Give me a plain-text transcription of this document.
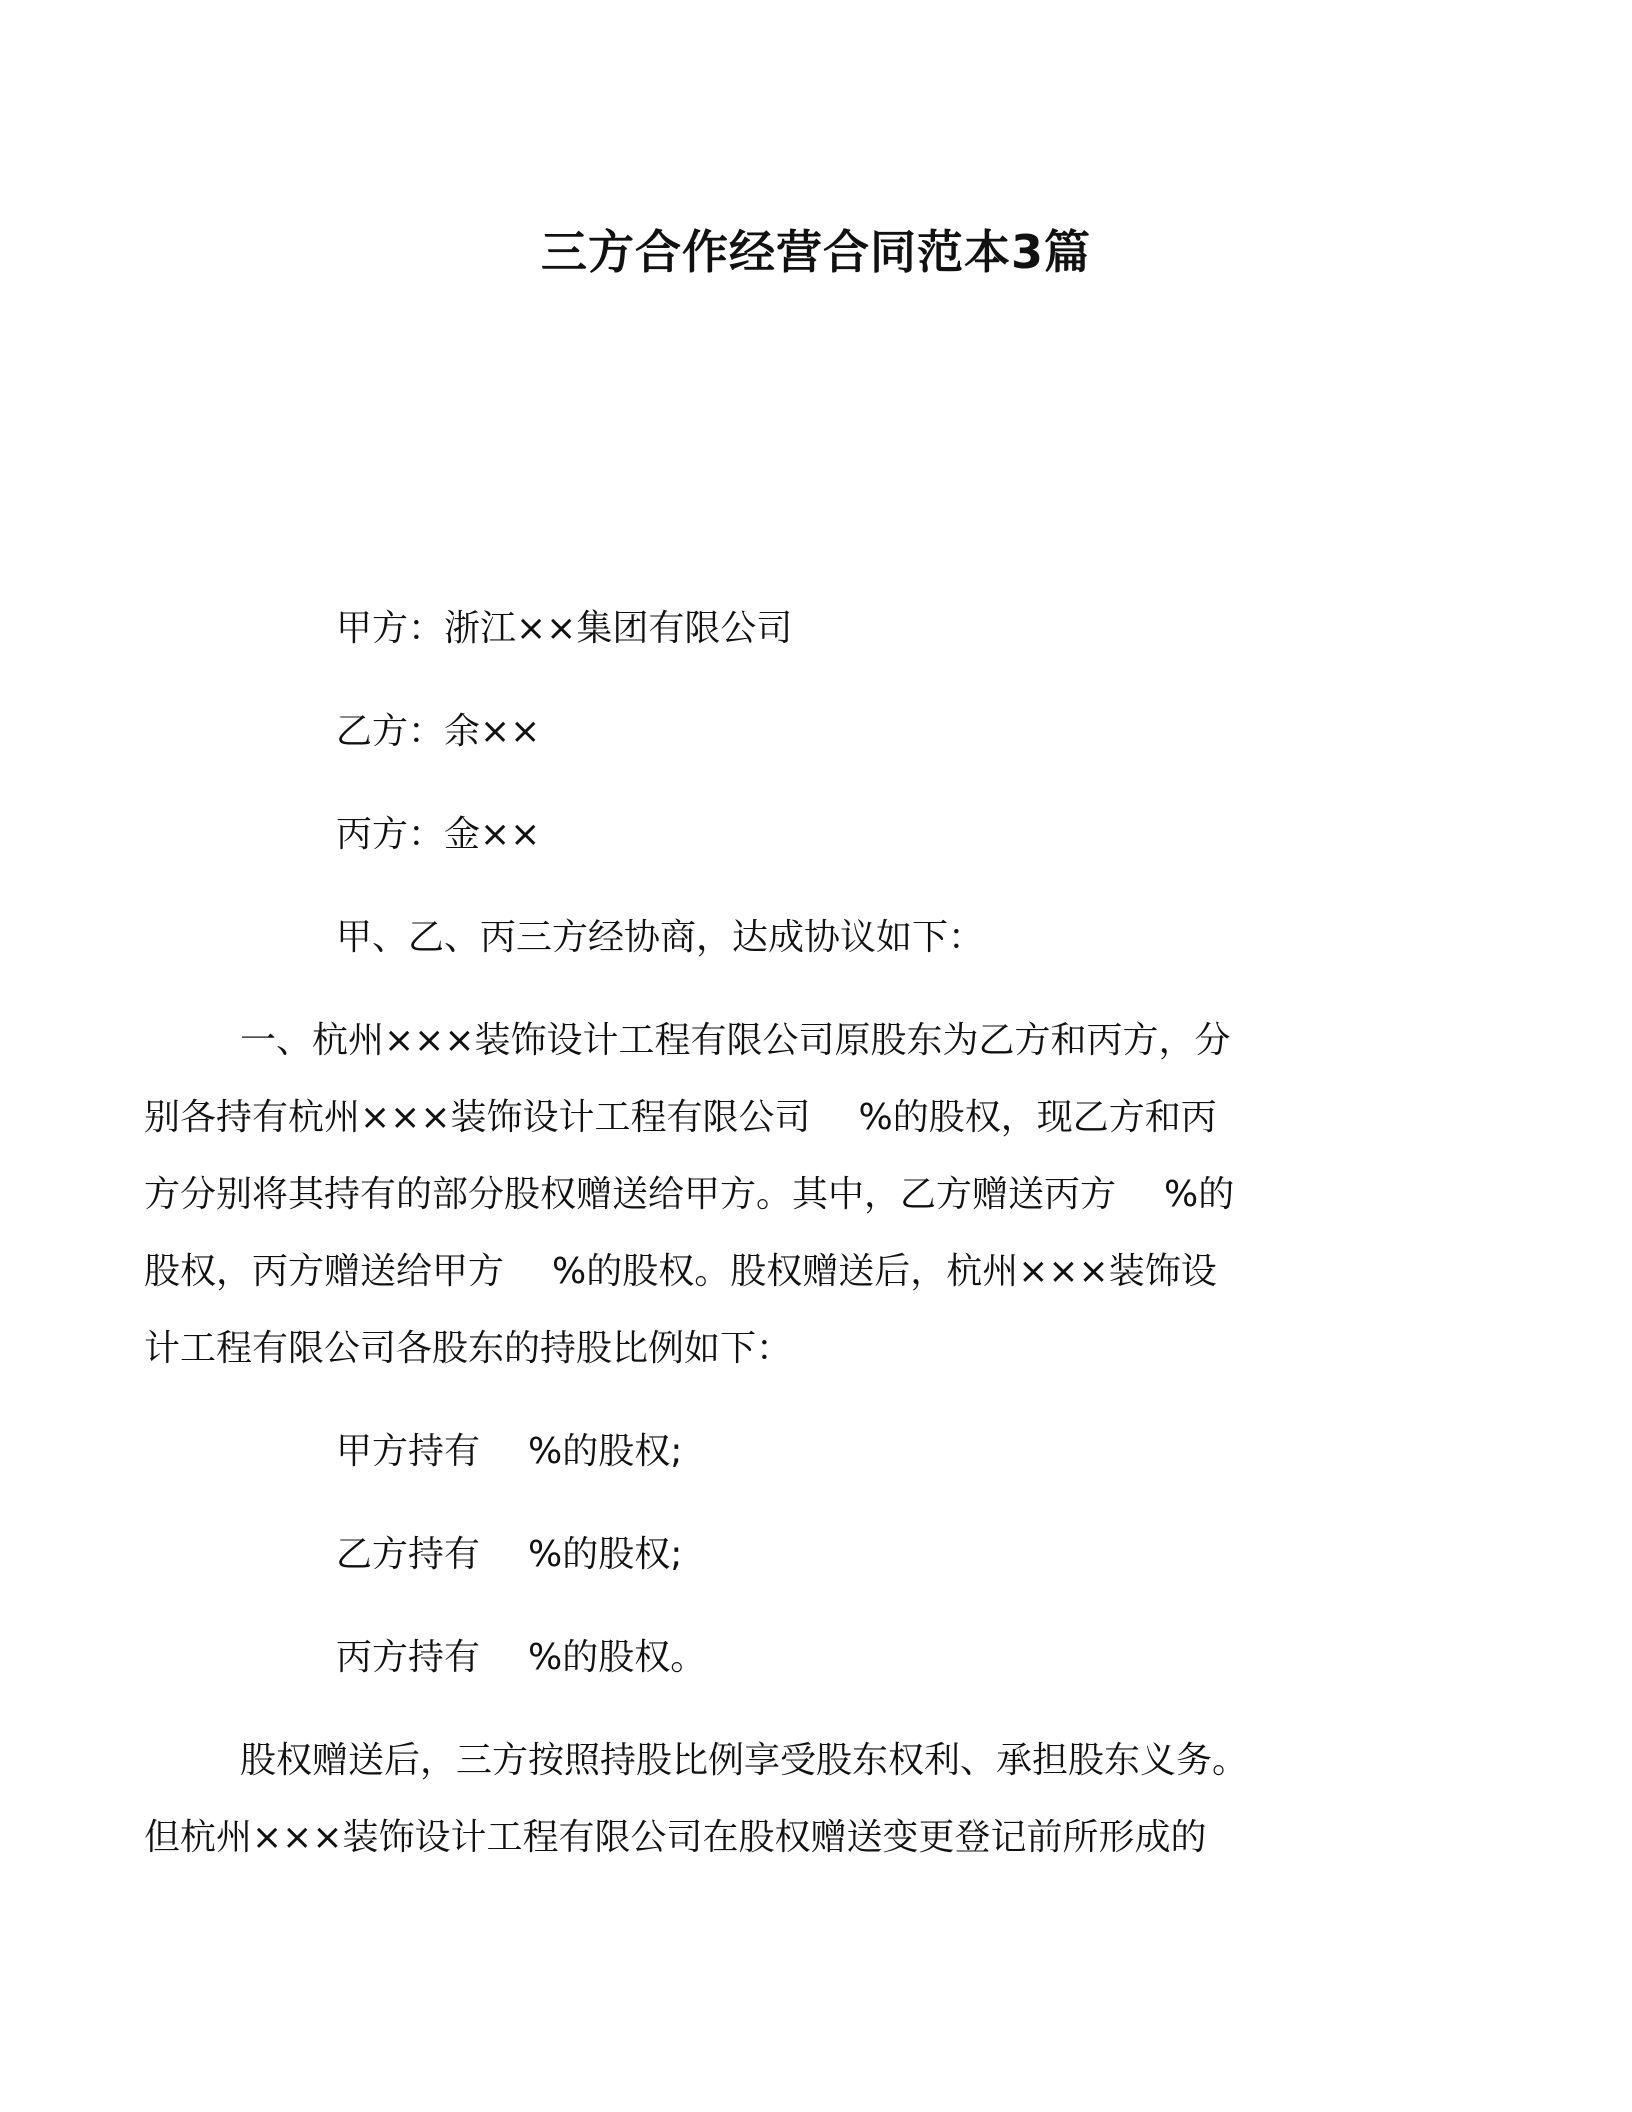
三方合作经营合同范本3篇

甲方：浙江××集团有限公司

乙方：余××

丙方：金××

甲、乙、丙三方经协商，达成协议如下：

一、杭州×××装饰设计工程有限公司原股东为乙方和丙方，分
别各持有杭州×××装饰设计工程有限公司 %的股权，现乙方和丙
方分别将其持有的部分股权赠送给甲方。其中，乙方赠送丙方 %的
股权，丙方赠送给甲方 %的股权。股权赠送后，杭州×××装饰设
计工程有限公司各股东的持股比例如下：

甲方持有 %的股权;

乙方持有 %的股权;

丙方持有 %的股权。

股权赠送后，三方按照持股比例享受股东权利、承担股东义务。
但杭州×××装饰设计工程有限公司在股权赠送变更登记前所形成的
